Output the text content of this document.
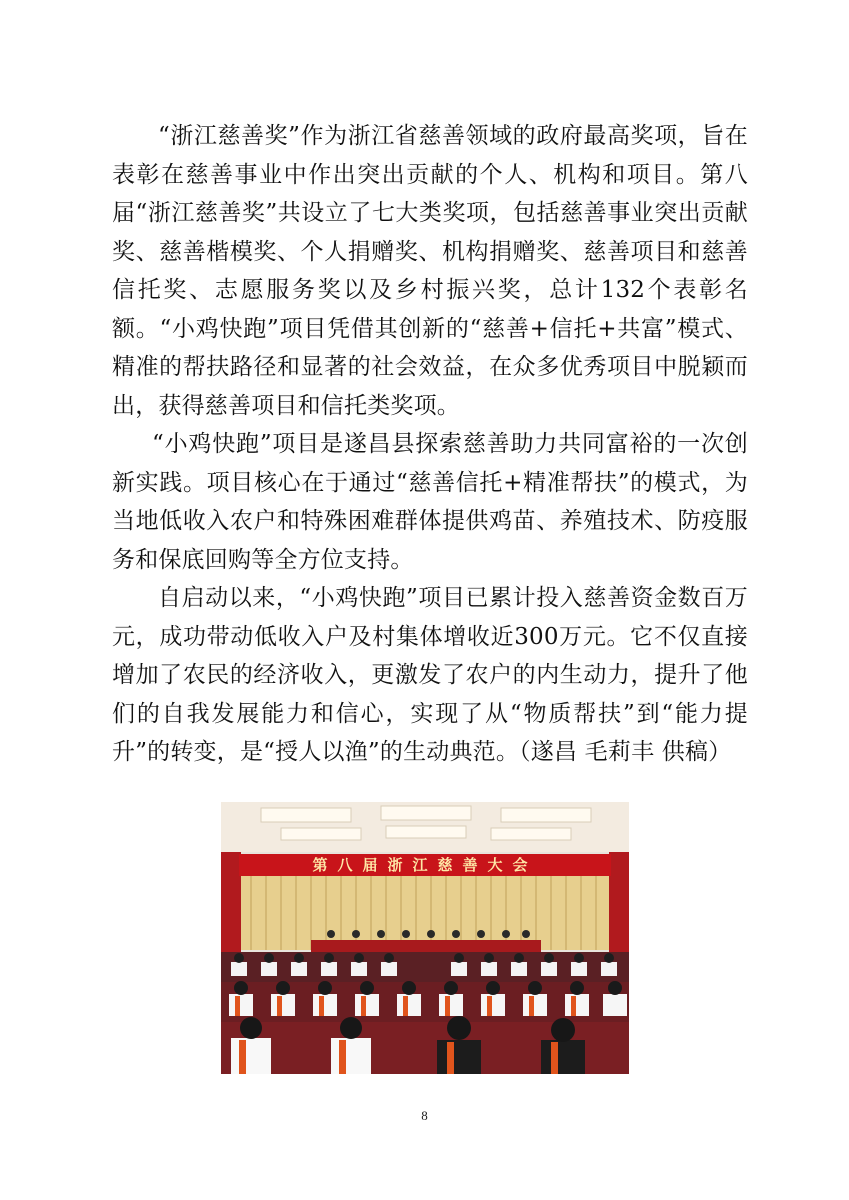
“浙江慈善奖”作为浙江省慈善领域的政府最高奖项，旨在表彰在慈善事业中作出突出贡献的个人、机构和项目。第八届“浙江慈善奖”共设立了七大类奖项，包括慈善事业突出贡献奖、慈善楷模奖、个人捐赠奖、机构捐赠奖、慈善项目和慈善信托奖、志愿服务奖以及乡村振兴奖，总计132个表彰名额。“小鸡快跑”项目凭借其创新的“慈善+信托+共富”模式、精准的帮扶路径和显著的社会效益，在众多优秀项目中脱颖而出，获得慈善项目和信托类奖项。

“小鸡快跑”项目是遂昌县探索慈善助力共同富裕的一次创新实践。项目核心在于通过“慈善信托+精准帮扶”的模式，为当地低收入农户和特殊困难群体提供鸡苗、养殖技术、防疫服务和保底回购等全方位支持。

自启动以来，“小鸡快跑”项目已累计投入慈善资金数百万元，成功带动低收入户及村集体增收近300万元。它不仅直接增加了农民的经济收入，更激发了农户的内生动力，提升了他们的自我发展能力和信心，实现了从“物质帮扶”到“能力提升”的转变，是“授人以渔”的生动典范。（遂昌 毛莉丰 供稿）

第八届浙江慈善大会
8
